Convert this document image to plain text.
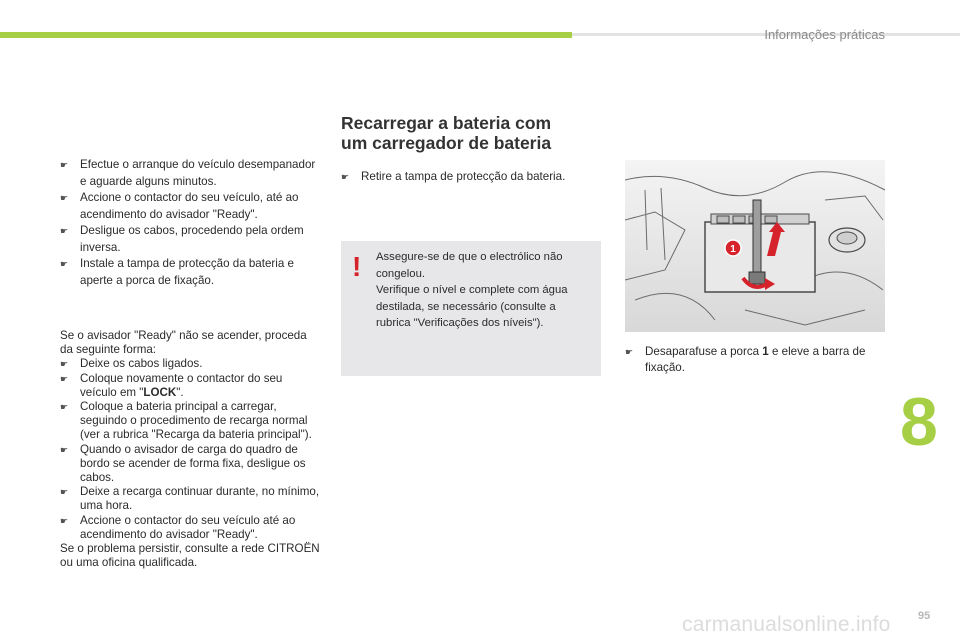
Informações práticas
☛ Efectue o arranque do veículo desempanador e aguarde alguns minutos.
☛ Accione o contactor do seu veículo, até ao acendimento do avisador "Ready".
☛ Desligue os cabos, procedendo pela ordem inversa.
☛ Instale a tampa de protecção da bateria e aperte a porca de fixação.
Se o avisador "Ready" não se acender, proceda da seguinte forma:
☛ Deixe os cabos ligados.
☛ Coloque novamente o contactor do seu veículo em "LOCK".
☛ Coloque a bateria principal a carregar, seguindo o procedimento de recarga normal (ver a rubrica "Recarga da bateria principal").
☛ Quando o avisador de carga do quadro de bordo se acender de forma fixa, desligue os cabos.
☛ Deixe a recarga continuar durante, no mínimo, uma hora.
☛ Accione o contactor do seu veículo até ao acendimento do avisador "Ready".
Se o problema persistir, consulte a rede CITROËN ou uma oficina qualificada.
Recarregar a bateria com
um carregador de bateria
☛ Retire a tampa de protecção da bateria.
! Assegure-se de que o electrólico não congelou.
Verifique o nível e complete com água destilada, se necessário (consulte a rubrica "Verificações dos níveis").
1
☛ Desaparafuse a porca 1 e eleve a barra de fixação.
8
carmanualsonline.info	95
